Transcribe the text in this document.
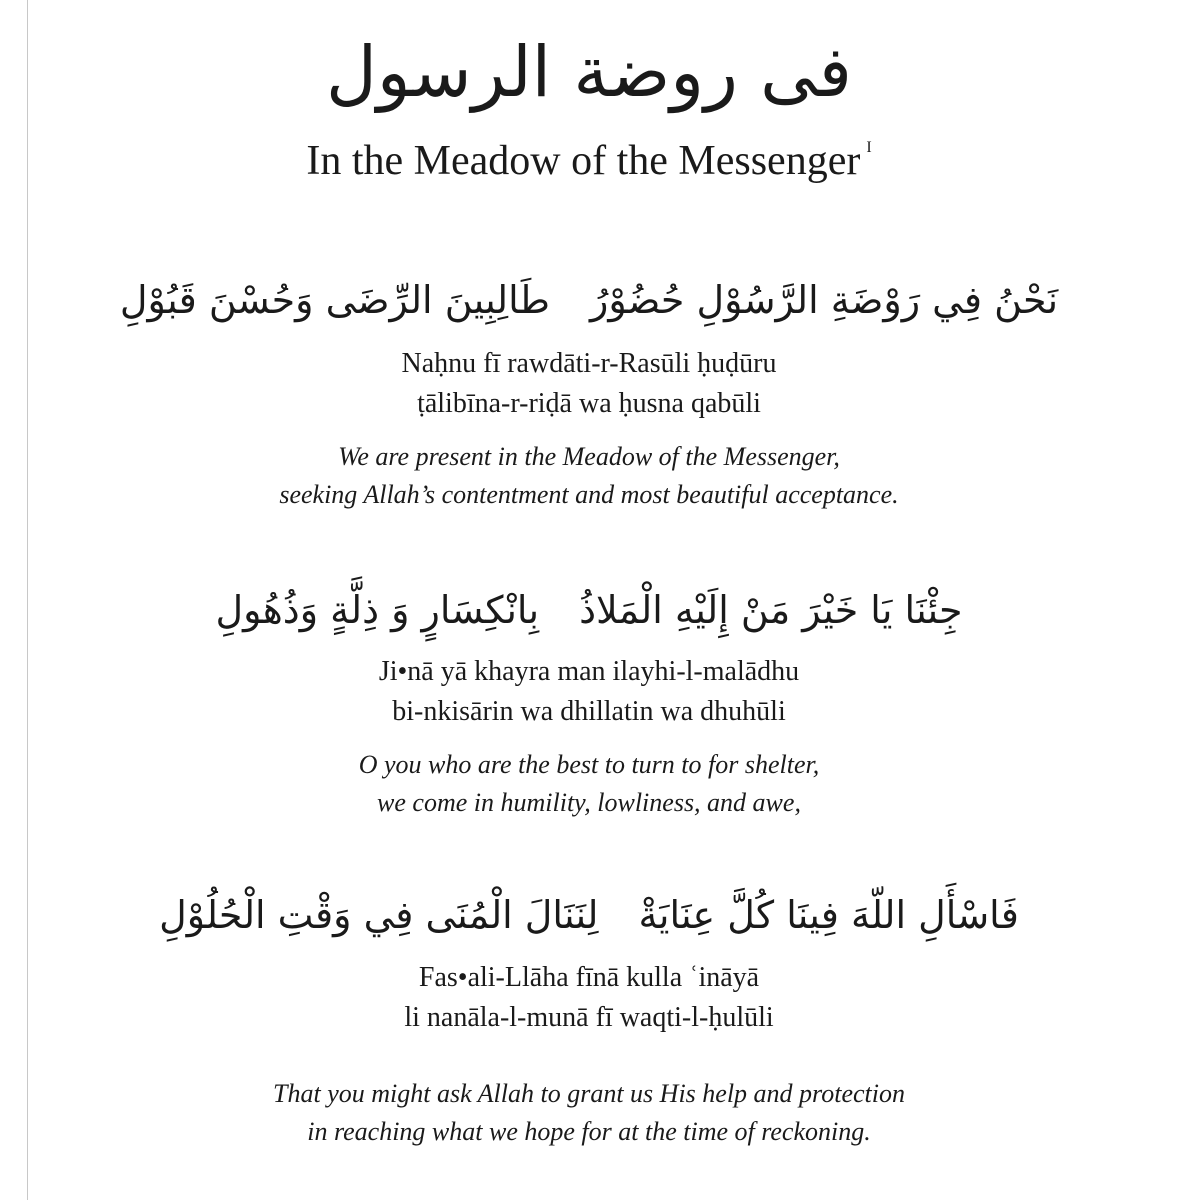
فى روضة الرسول
In the Meadow of the Messenger $^I$
نَحْنُ فِي رَوْضَةِ الرَّسُوْلِ حُضُوْرُطَالِبِينَ الرِّضَى وَحُسْنَ قَبُوْلِ
Naḥnu fī rawdāti-r-Rasūli ḥuḍūru
ṭālibīna-r-riḍā wa ḥusna qabūli
We are present in the Meadow of the Messenger,
seeking Allah’s contentment and most beautiful acceptance.
جِئْنَا يَا خَيْرَ مَنْ إِلَيْهِ الْمَلاذُبِانْكِسَارٍ وَ ذِلَّةٍ وَذُهُولِ
Ji•nā yā khayra man ilayhi-l-malādhu
bi-nkisārin wa dhillatin wa dhuhūli
O you who are the best to turn to for shelter,
we come in humility, lowliness, and awe,
فَاسْأَلِ اللّهَ فِينَا كُلَّ عِنَايَةْلِنَنَالَ الْمُنَى فِي وَقْتِ الْحُلُوْلِ
Fas•ali-Llāha fīnā kulla ʿināyā
li nanāla-l-munā fī waqti-l-ḥulūli
That you might ask Allah to grant us His help and protection
in reaching what we hope for at the time of reckoning.
